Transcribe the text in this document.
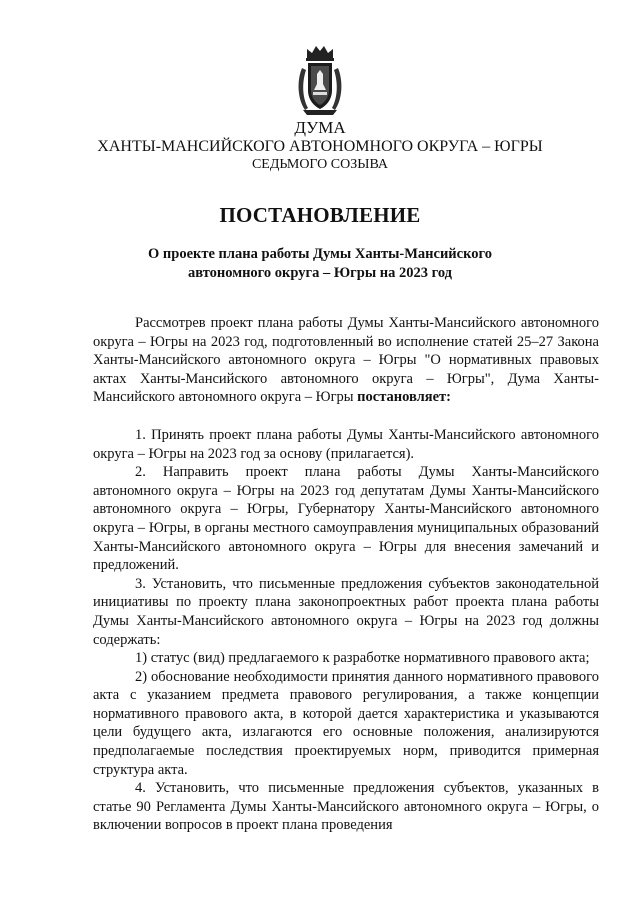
ДУМА
ХАНТЫ-МАНСИЙСКОГО АВТОНОМНОГО ОКРУГА – ЮГРЫ
СЕДЬМОГО СОЗЫВА
ПОСТАНОВЛЕНИЕ
О проекте плана работы Думы Ханты-Мансийского
автономного округа – Югры на 2023 год

Рассмотрев проект плана работы Думы Ханты-Мансийского автономного округа – Югры на 2023 год, подготовленный во исполнение статей 25–27 Закона Ханты-Мансийского автономного округа – Югры "О нормативных правовых актах Ханты-Мансийского автономного округа – Югры", Дума Ханты-Мансийского автономного округа – Югры постановляет:

1. Принять проект плана работы Думы Ханты-Мансийского автономного округа – Югры на 2023 год за основу (прилагается).

2. Направить проект плана работы Думы Ханты-Мансийского автономного округа – Югры на 2023 год депутатам Думы Ханты-Мансийского автономного округа – Югры, Губернатору Ханты-Мансийского автономного округа – Югры, в органы местного самоуправления муниципальных образований Ханты-Мансийского автономного округа – Югры для внесения замечаний и предложений.

3. Установить, что письменные предложения субъектов законодательной инициативы по проекту плана законопроектных работ проекта плана работы Думы Ханты-Мансийского автономного округа – Югры на 2023 год должны содержать:

1) статус (вид) предлагаемого к разработке нормативного правового акта;

2) обоснование необходимости принятия данного нормативного правового акта с указанием предмета правового регулирования, а также концепции нормативного правового акта, в которой дается характеристика и указываются цели будущего акта, излагаются его основные положения, анализируются предполагаемые последствия проектируемых норм, приводится примерная структура акта.

4. Установить, что письменные предложения субъектов, указанных в статье 90 Регламента Думы Ханты-Мансийского автономного округа – Югры, о включении вопросов в проект плана проведения
